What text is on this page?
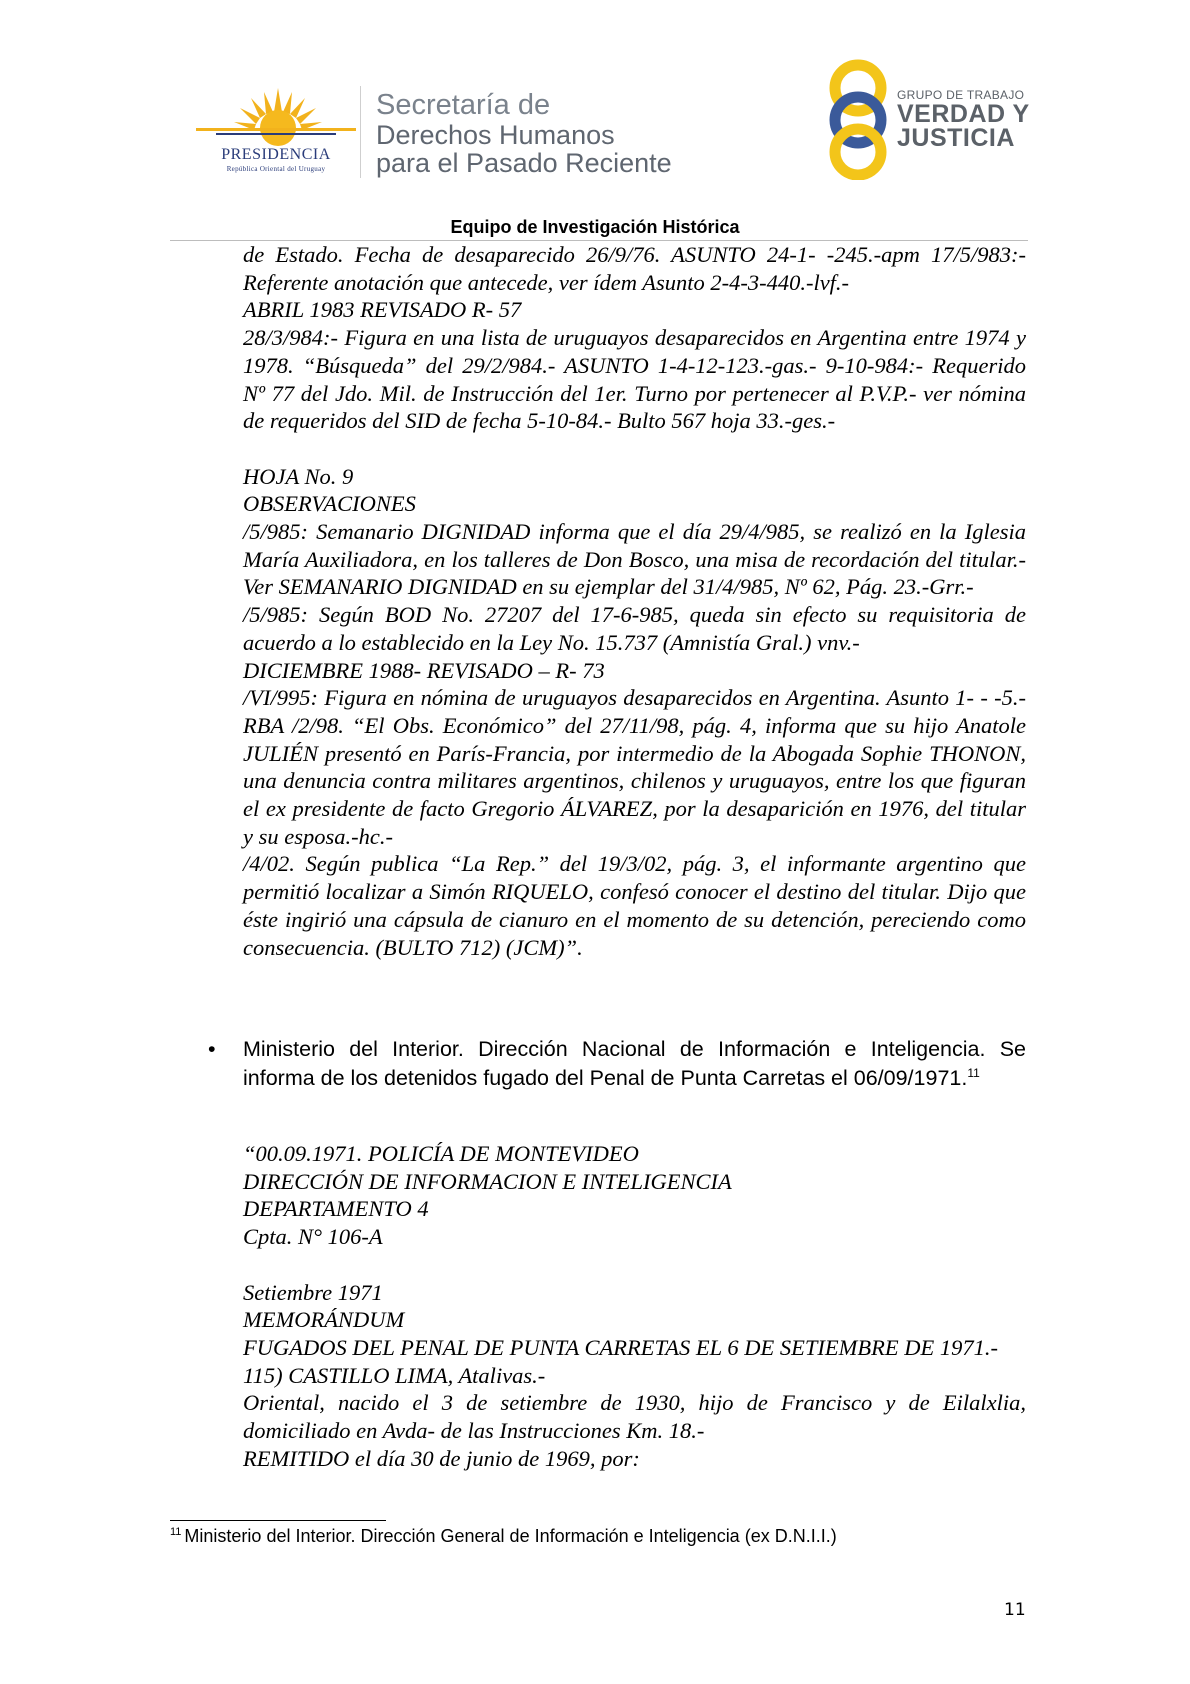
PRESIDENCIA
República Oriental del Uruguay
Secretaría de
Derechos Humanos
para el Pasado Reciente
GRUPO DE TRABAJO
VERDAD Y
JUSTICIA
Equipo de Investigación Histórica

de Estado. Fecha de desaparecido 26/9/76. ASUNTO 24-1- -245.-apm 17/5/983:- Referente anotación que antecede, ver ídem Asunto 2-4-3-440.-lvf.-

ABRIL 1983 REVISADO R- 57

28/3/984:- Figura en una lista de uruguayos desaparecidos en Argentina entre 1974 y 1978. “Búsqueda” del 29/2/984.- ASUNTO 1-4-12-123.-gas.- 9-10-984:- Requerido Nº 77 del Jdo. Mil. de Instrucción del 1er. Turno por pertenecer al P.V.P.- ver nómina de requeridos del SID de fecha 5-10-84.- Bulto 567 hoja 33.-ges.-

HOJA No. 9

OBSERVACIONES

/5/985: Semanario DIGNIDAD informa que el día 29/4/985, se realizó en la Iglesia María Auxiliadora, en los talleres de Don Bosco, una misa de recordación del titular.- Ver SEMANARIO DIGNIDAD en su ejemplar del 31/4/985, Nº 62, Pág. 23.-Grr.-

/5/985: Según BOD No. 27207 del 17-6-985, queda sin efecto su requisitoria de acuerdo a lo establecido en la Ley No. 15.737 (Amnistía Gral.) vnv.-

DICIEMBRE 1988- REVISADO – R- 73

/VI/995: Figura en nómina de uruguayos desaparecidos en Argentina. Asunto 1- - -5.- RBA /2/98. “El Obs. Económico” del 27/11/98, pág. 4, informa que su hijo Anatole JULIÉN presentó en París-Francia, por intermedio de la Abogada Sophie THONON, una denuncia contra militares argentinos, chilenos y uruguayos, entre los que figuran el ex presidente de facto Gregorio ÁLVAREZ, por la desaparición en 1976, del titular y su esposa.-hc.-

/4/02. Según publica “La Rep.” del 19/3/02, pág. 3, el informante argentino que permitió localizar a Simón RIQUELO, confesó conocer el destino del titular. Dijo que éste ingirió una cápsula de cianuro en el momento de su detención, pereciendo como consecuencia. (BULTO 712) (JCM)”.

• Ministerio del Interior. Dirección Nacional de Información e Inteligencia. Se informa de los detenidos fugado del Penal de Punta Carretas el 06/09/1971.11

“00.09.1971. POLICÍA DE MONTEVIDEO

DIRECCIÓN DE INFORMACION E INTELIGENCIA

DEPARTAMENTO 4

Cpta. N° 106-A

Setiembre 1971

MEMORÁNDUM

FUGADOS DEL PENAL DE PUNTA CARRETAS EL 6 DE SETIEMBRE DE 1971.-

115) CASTILLO LIMA, Atalivas.-

Oriental, nacido el 3 de setiembre de 1930, hijo de Francisco y de Eilalxlia, domiciliado en Avda- de las Instrucciones Km. 18.-

REMITIDO el día 30 de junio de 1969, por:

$^{11}$ Ministerio del Interior. Dirección General de Información e Inteligencia (ex D.N.I.I.)
11
